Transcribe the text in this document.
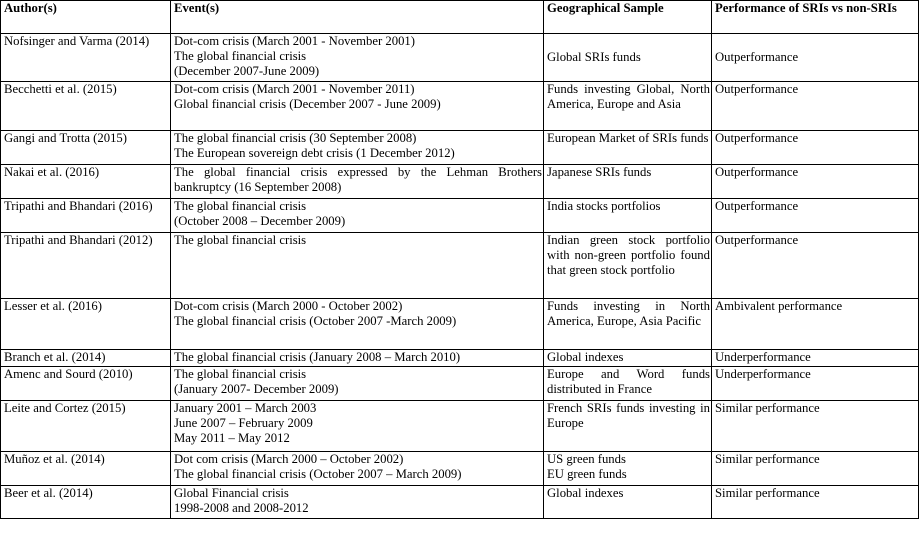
Author(s)	Event(s)	Geographical Sample	Performance of SRIs vs non-SRIs
Nofsinger and Varma (2014)	Dot-com crisis (March 2001 - November 2001)
The global financial crisis
(December 2007-June 2009)	Global SRIs funds	Outperformance
Becchetti et al. (2015)	Dot-com crisis (March 2001 - November 2011)
Global financial crisis (December 2007 - June 2009)	Funds investing Global, North America, Europe and Asia	Outperformance
Gangi and Trotta (2015)	The global financial crisis (30 September 2008)
The European sovereign debt crisis (1 December 2012)	European Market of SRIs funds	Outperformance
Nakai et al. (2016)	The global financial crisis expressed by the Lehman Brothers bankruptcy (16 September 2008)	Japanese SRIs funds	Outperformance
Tripathi and Bhandari (2016)	The global financial crisis
(October 2008 – December 2009)	India stocks portfolios	Outperformance
Tripathi and Bhandari (2012)	The global financial crisis	Indian green stock portfolio with non-green portfolio found that green stock portfolio	Outperformance
Lesser et al. (2016)	Dot-com crisis (March 2000 - October 2002)
The global financial crisis (October 2007 -March 2009)	Funds investing in North America, Europe, Asia Pacific	Ambivalent performance
Branch et al. (2014)	The global financial crisis (January 2008 – March 2010)	Global indexes	Underperformance
Amenc and Sourd (2010)	The global financial crisis
(January 2007- December 2009)	Europe and Word funds distributed in France	Underperformance
Leite and Cortez (2015)	January 2001 – March 2003
June 2007 – February 2009
May 2011 – May 2012	French SRIs funds investing in Europe	Similar performance
Muñoz et al. (2014)	Dot com crisis (March 2000 – October 2002)
The global financial crisis (October 2007 – March 2009)	US green funds
EU green funds	Similar performance
Beer et al. (2014)	Global Financial crisis
1998-2008 and 2008-2012	Global indexes	Similar performance
